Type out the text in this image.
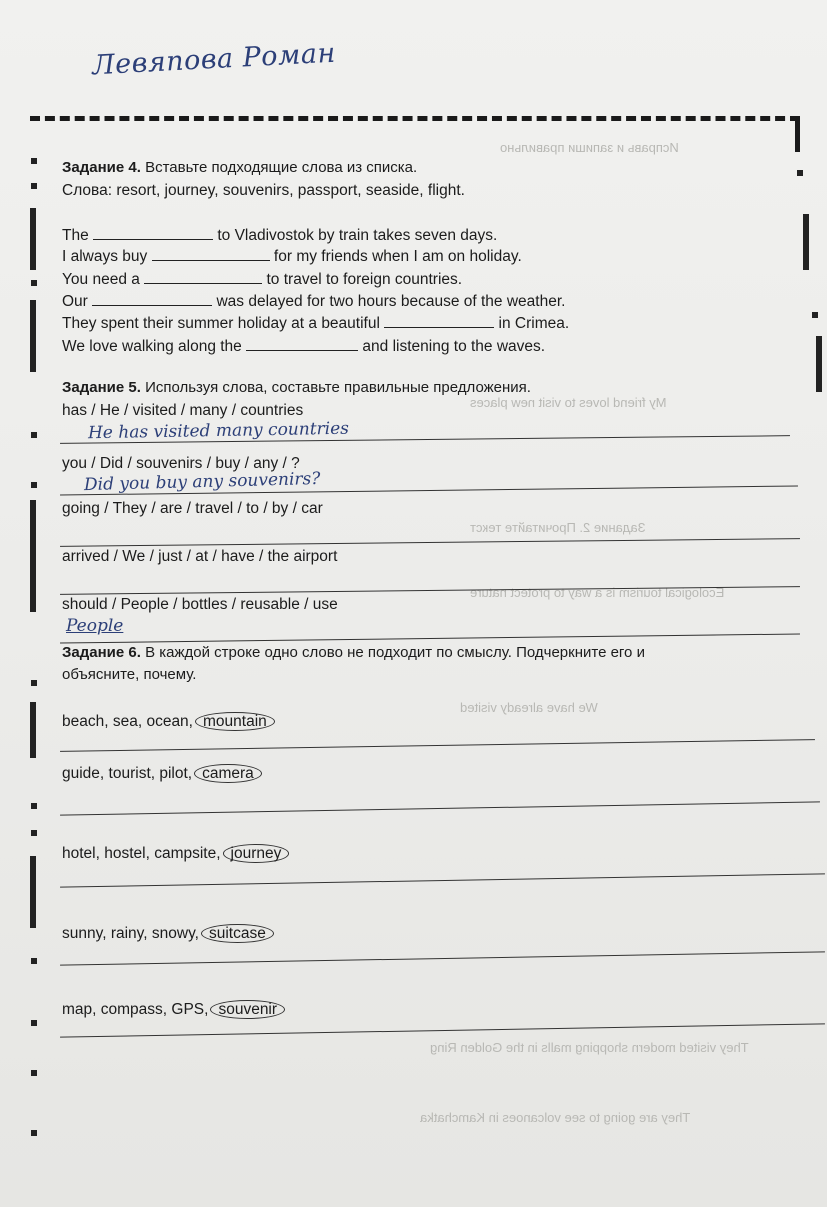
Исправь и запиши правильно
My friend loves to visit new places
Задание 2. Прочитайте текст
Ecological tourism is a way to protect nature
We have already visited
They visited modern shopping malls in the Golden Ring
They are going to see volcanoes in Kamchatka
Левяпова Роман
Задание 4. Вставьте подходящие слова из списка.
Слова: resort, journey, souvenirs, passport, seaside, flight.
The	to Vladivostok by train takes seven days.
I always buy	for my friends when I am on holiday.
You need a	to travel to foreign countries.
Our	was delayed for two hours because of the weather.
They spent their summer holiday at a beautiful	in Crimea.
We love walking along the	and listening to the waves.
Задание 5. Используя слова, составьте правильные предложения.
has / He / visited / many / countries
He has visited many countries
you / Did / souvenirs / buy / any / ?
Did you buy any souvenirs?
going / They / are / travel / to / by / car
arrived / We / just / at / have / the airport
should / People / bottles / reusable / use
People
Задание 6. В каждой строке одно слово не подходит по смыслу. Подчеркните его и
объясните, почему.
beach, sea, ocean, mountain
guide, tourist, pilot, camera
hotel, hostel, campsite, journey
sunny, rainy, snowy, suitcase
map, compass, GPS, souvenir
